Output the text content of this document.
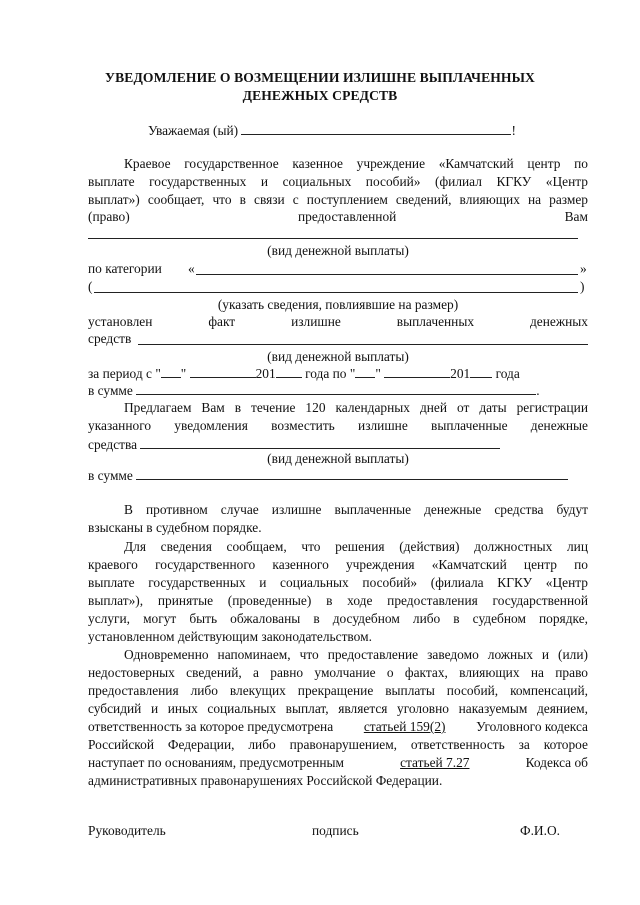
УВЕДОМЛЕНИЕ О ВОЗМЕЩЕНИИ ИЗЛИШНЕ ВЫПЛАЧЕННЫХ
ДЕНЕЖНЫХ СРЕДСТВ
Уважаемая (ый)	!
Краевое государственное казенное учреждение «Камчатский центр по
выплате государственных и социальных пособий» (филиал КГКУ «Центр
выплат») сообщает, что в связи с поступлением сведений, влияющих на размер
(право)	предоставленной	Вам
(вид денежной выплаты)
по категории «	»
(	)
(указать сведения, повлиявшие на размер)
установлен	факт	излишне	выплаченных	денежных
средств
(вид денежной выплаты)
за период с " "	201 года по " "	201 года
в сумме	.
Предлагаем Вам в течение 120 календарных дней от даты регистрации
указанного уведомления возместить излишне выплаченные денежные
средства
(вид денежной выплаты)
в сумме
В противном случае излишне выплаченные денежные средства будут
взысканы в судебном порядке.
Для сведения сообщаем, что решения (действия) должностных лиц
краевого государственного казенного учреждения «Камчатский центр по
выплате государственных и социальных пособий» (филиала КГКУ «Центр
выплат»), принятые (проведенные) в ходе предоставления государственной
услуги, могут быть обжалованы в досудебном либо в судебном порядке,
установленном действующим законодательством.
Одновременно напоминаем, что предоставление заведомо ложных и (или)
недостоверных сведений, а равно умолчание о фактах, влияющих на право
предоставления либо влекущих прекращение выплаты пособий, компенсаций,
субсидий и иных социальных выплат, является уголовно наказуемым деянием,
ответственность за которое предусмотрена статьей 159(2) Уголовного кодекса
Российской Федерации, либо правонарушением, ответственность за которое
наступает по основаниям, предусмотренным	статьей 7.27	Кодекса об
административных правонарушениях Российской Федерации.
Руководитель	подпись	Ф.И.О.
